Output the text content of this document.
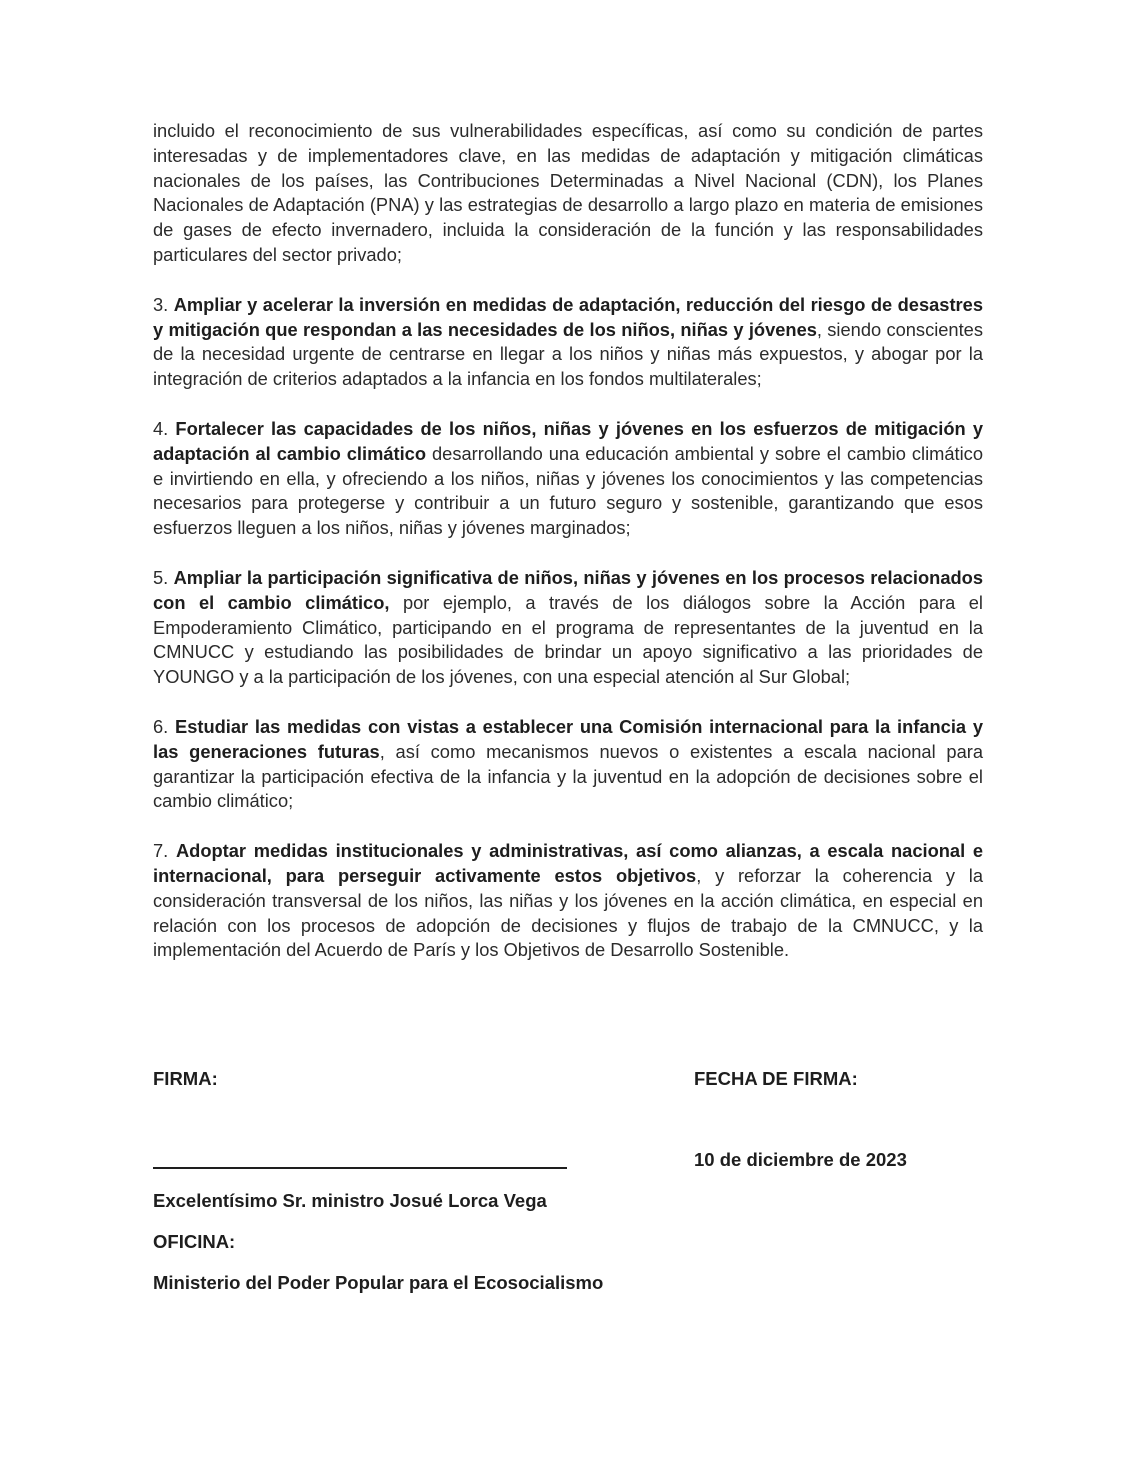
incluido el reconocimiento de sus vulnerabilidades específicas, así como su condición de partes interesadas y de implementadores clave, en las medidas de adaptación y mitigación climáticas nacionales de los países, las Contribuciones Determinadas a Nivel Nacional (CDN), los Planes Nacionales de Adaptación (PNA) y las estrategias de desarrollo a largo plazo en materia de emisiones de gases de efecto invernadero, incluida la consideración de la función y las responsabilidades particulares del sector privado;

3. Ampliar y acelerar la inversión en medidas de adaptación, reducción del riesgo de desastres y mitigación que respondan a las necesidades de los niños, niñas y jóvenes, siendo conscientes de la necesidad urgente de centrarse en llegar a los niños y niñas más expuestos, y abogar por la integración de criterios adaptados a la infancia en los fondos multilaterales;

4. Fortalecer las capacidades de los niños, niñas y jóvenes en los esfuerzos de mitigación y adaptación al cambio climático desarrollando una educación ambiental y sobre el cambio climático e invirtiendo en ella, y ofreciendo a los niños, niñas y jóvenes los conocimientos y las competencias necesarios para protegerse y contribuir a un futuro seguro y sostenible, garantizando que esos esfuerzos lleguen a los niños, niñas y jóvenes marginados;

5. Ampliar la participación significativa de niños, niñas y jóvenes en los procesos relacionados con el cambio climático, por ejemplo, a través de los diálogos sobre la Acción para el Empoderamiento Climático, participando en el programa de representantes de la juventud en la CMNUCC y estudiando las posibilidades de brindar un apoyo significativo a las prioridades de YOUNGO y a la participación de los jóvenes, con una especial atención al Sur Global;

6. Estudiar las medidas con vistas a establecer una Comisión internacional para la infancia y las generaciones futuras, así como mecanismos nuevos o existentes a escala nacional para garantizar la participación efectiva de la infancia y la juventud en la adopción de decisiones sobre el cambio climático;

7. Adoptar medidas institucionales y administrativas, así como alianzas, a escala nacional e internacional, para perseguir activamente estos objetivos, y reforzar la coherencia y la consideración transversal de los niños, las niñas y los jóvenes en la acción climática, en especial en relación con los procesos de adopción de decisiones y flujos de trabajo de la CMNUCC, y la implementación del Acuerdo de París y los Objetivos de Desarrollo Sostenible.

FIRMA:	FECHA DE FIRMA:
10 de diciembre de 2023
Excelentísimo Sr. ministro Josué Lorca Vega
OFICINA:
Ministerio del Poder Popular para el Ecosocialismo
